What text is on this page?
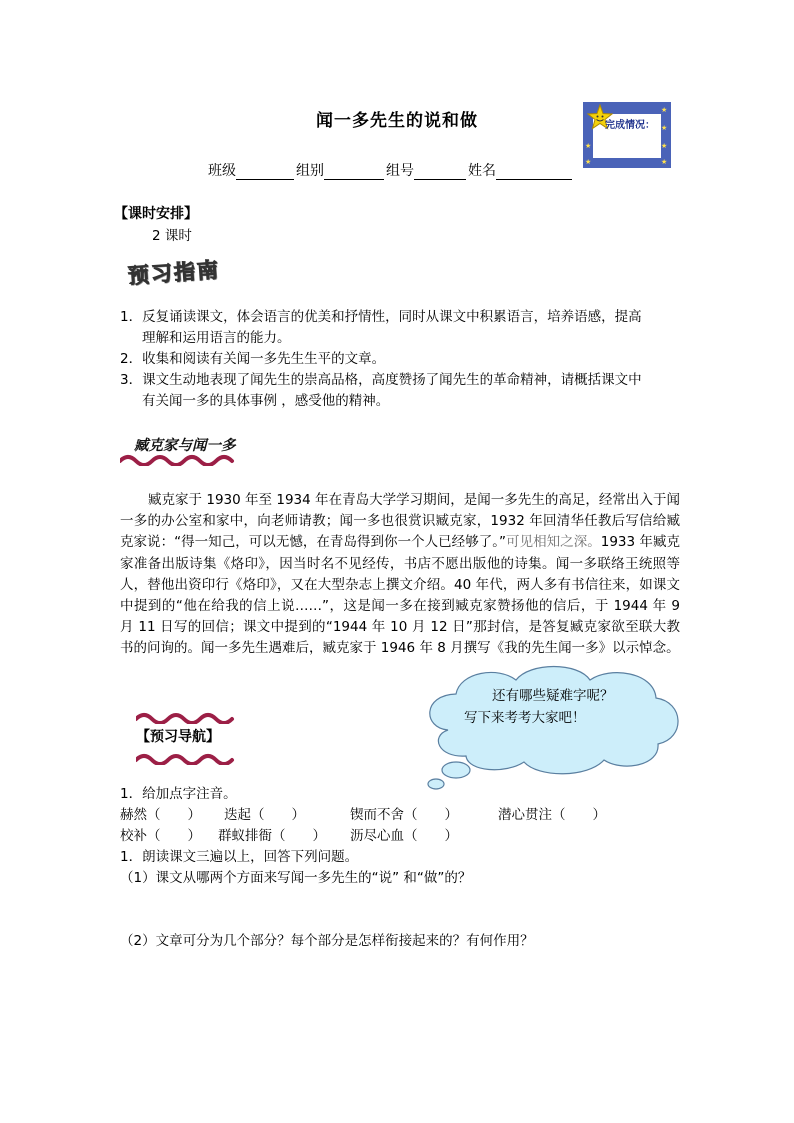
闻一多先生的说和做	完成情况：
★
★
★
★
★
★
班级	组别	组号	姓名
【课时安排】
2 课时
预习指南
1．反复诵读课文，体会语言的优美和抒情性，同时从课文中积累语言，培养语感，提高
理解和运用语言的能力。
2．收集和阅读有关闻一多先生生平的文章。
3．课文生动地表现了闻先生的崇高品格，高度赞扬了闻先生的革命精神，请概括课文中
有关闻一多的具体事例 ，感受他的精神。
臧克家与闻一多
臧克家于 1930 年至 1934 年在青岛大学学习期间，是闻一多先生的高足，经常出入于闻一多的办公室和家中，向老师请教；闻一多也很赏识臧克家，1932 年回清华任教后写信给臧克家说：“得一知己，可以无憾，在青岛得到你一个人已经够了。”可见相知之深。1933 年臧克家准备出版诗集《烙印》，因当时名不见经传，书店不愿出版他的诗集。闻一多联络王统照等人，替他出资印行《烙印》，又在大型杂志上撰文介绍。40 年代，两人多有书信往来，如课文中提到的“他在给我的信上说……”，这是闻一多在接到臧克家赞扬他的信后，于 1944 年 9 月 11 日写的回信；课文中提到的“1944 年 10 月 12 日”那封信，是答复臧克家欲至联大教书的问询的。闻一多先生遇难后，臧克家于 1946 年 8 月撰写《我的先生闻一多》以示悼念。
还有哪些疑难字呢？
写下来考考大家吧！
【预习导航】
1．给加点字注音。
赫然（　　） 迭起（　　）	锲而不舍（　　）	潜心贯注（　　）
校补（　　） 群蚁排衙（　　） 沥尽心血（　　）
1．朗读课文三遍以上，回答下列问题。
（1）课文从哪两个方面来写闻一多先生的“说” 和“做”的？
（2）文章可分为几个部分？每个部分是怎样衔接起来的？有何作用？
